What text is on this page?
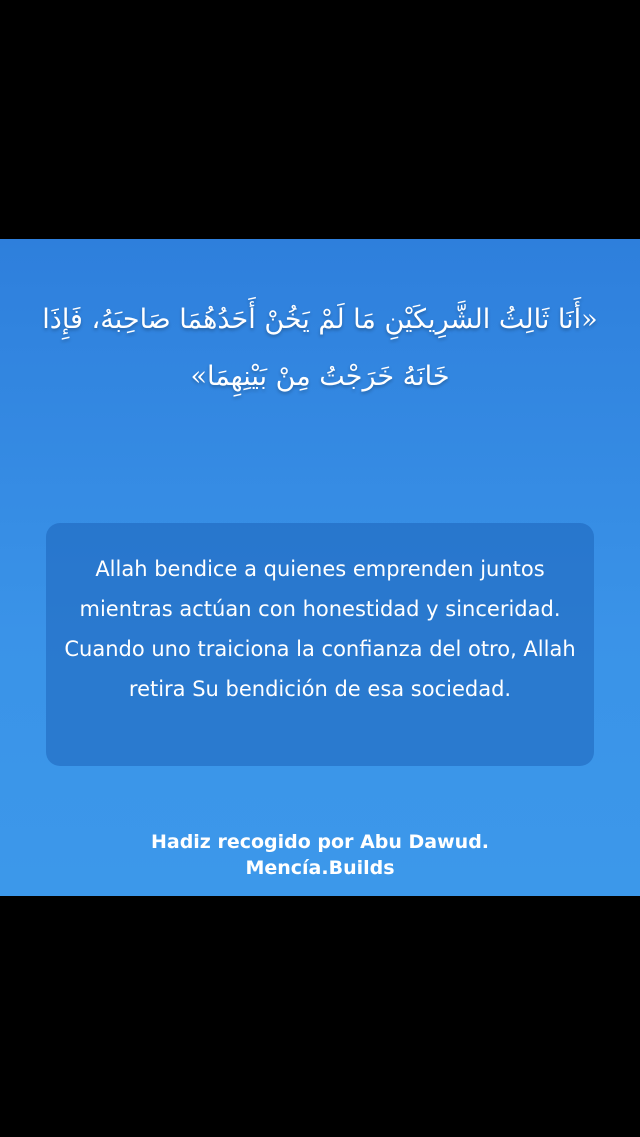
«أَنَا ثَالِثُ الشَّرِيكَيْنِ مَا لَمْ يَخُنْ أَحَدُهُمَا صَاحِبَهُ، فَإِذَا خَانَهُ خَرَجْتُ مِنْ بَيْنِهِمَا»

Allah bendice a quienes emprenden juntos mientras actúan con honestidad y sinceridad. Cuando uno traiciona la confianza del otro, Allah retira Su bendición de esa sociedad.

Hadiz recogido por Abu Dawud.
Mencía.Builds
